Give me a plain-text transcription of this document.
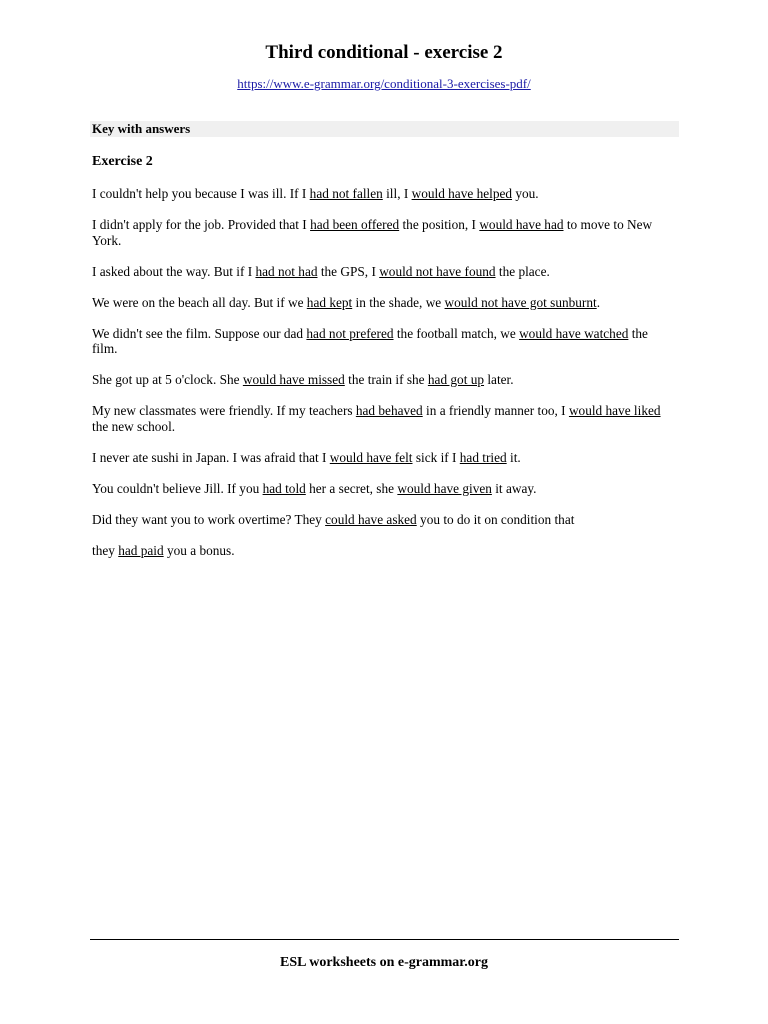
Third conditional - exercise 2
https://www.e-grammar.org/conditional-3-exercises-pdf/
Key with answers
Exercise 2

I couldn't help you because I was ill. If I had not fallen ill, I would have helped you.

I didn't apply for the job. Provided that I had been offered the position, I would have had to move to New York.

I asked about the way. But if I had not had the GPS, I would not have found the place.

We were on the beach all day. But if we had kept in the shade, we would not have got sunburnt.

We didn't see the film. Suppose our dad had not prefered the football match, we would have watched the film.

She got up at 5 o'clock. She would have missed the train if she had got up later.

My new classmates were friendly. If my teachers had behaved in a friendly manner too, I would have liked the new school.

I never ate sushi in Japan. I was afraid that I would have felt sick if I had tried it.

You couldn't believe Jill. If you had told her a secret, she would have given it away.

Did they want you to work overtime? They could have asked you to do it on condition that

they had paid you a bonus.

ESL worksheets on e-grammar.org
